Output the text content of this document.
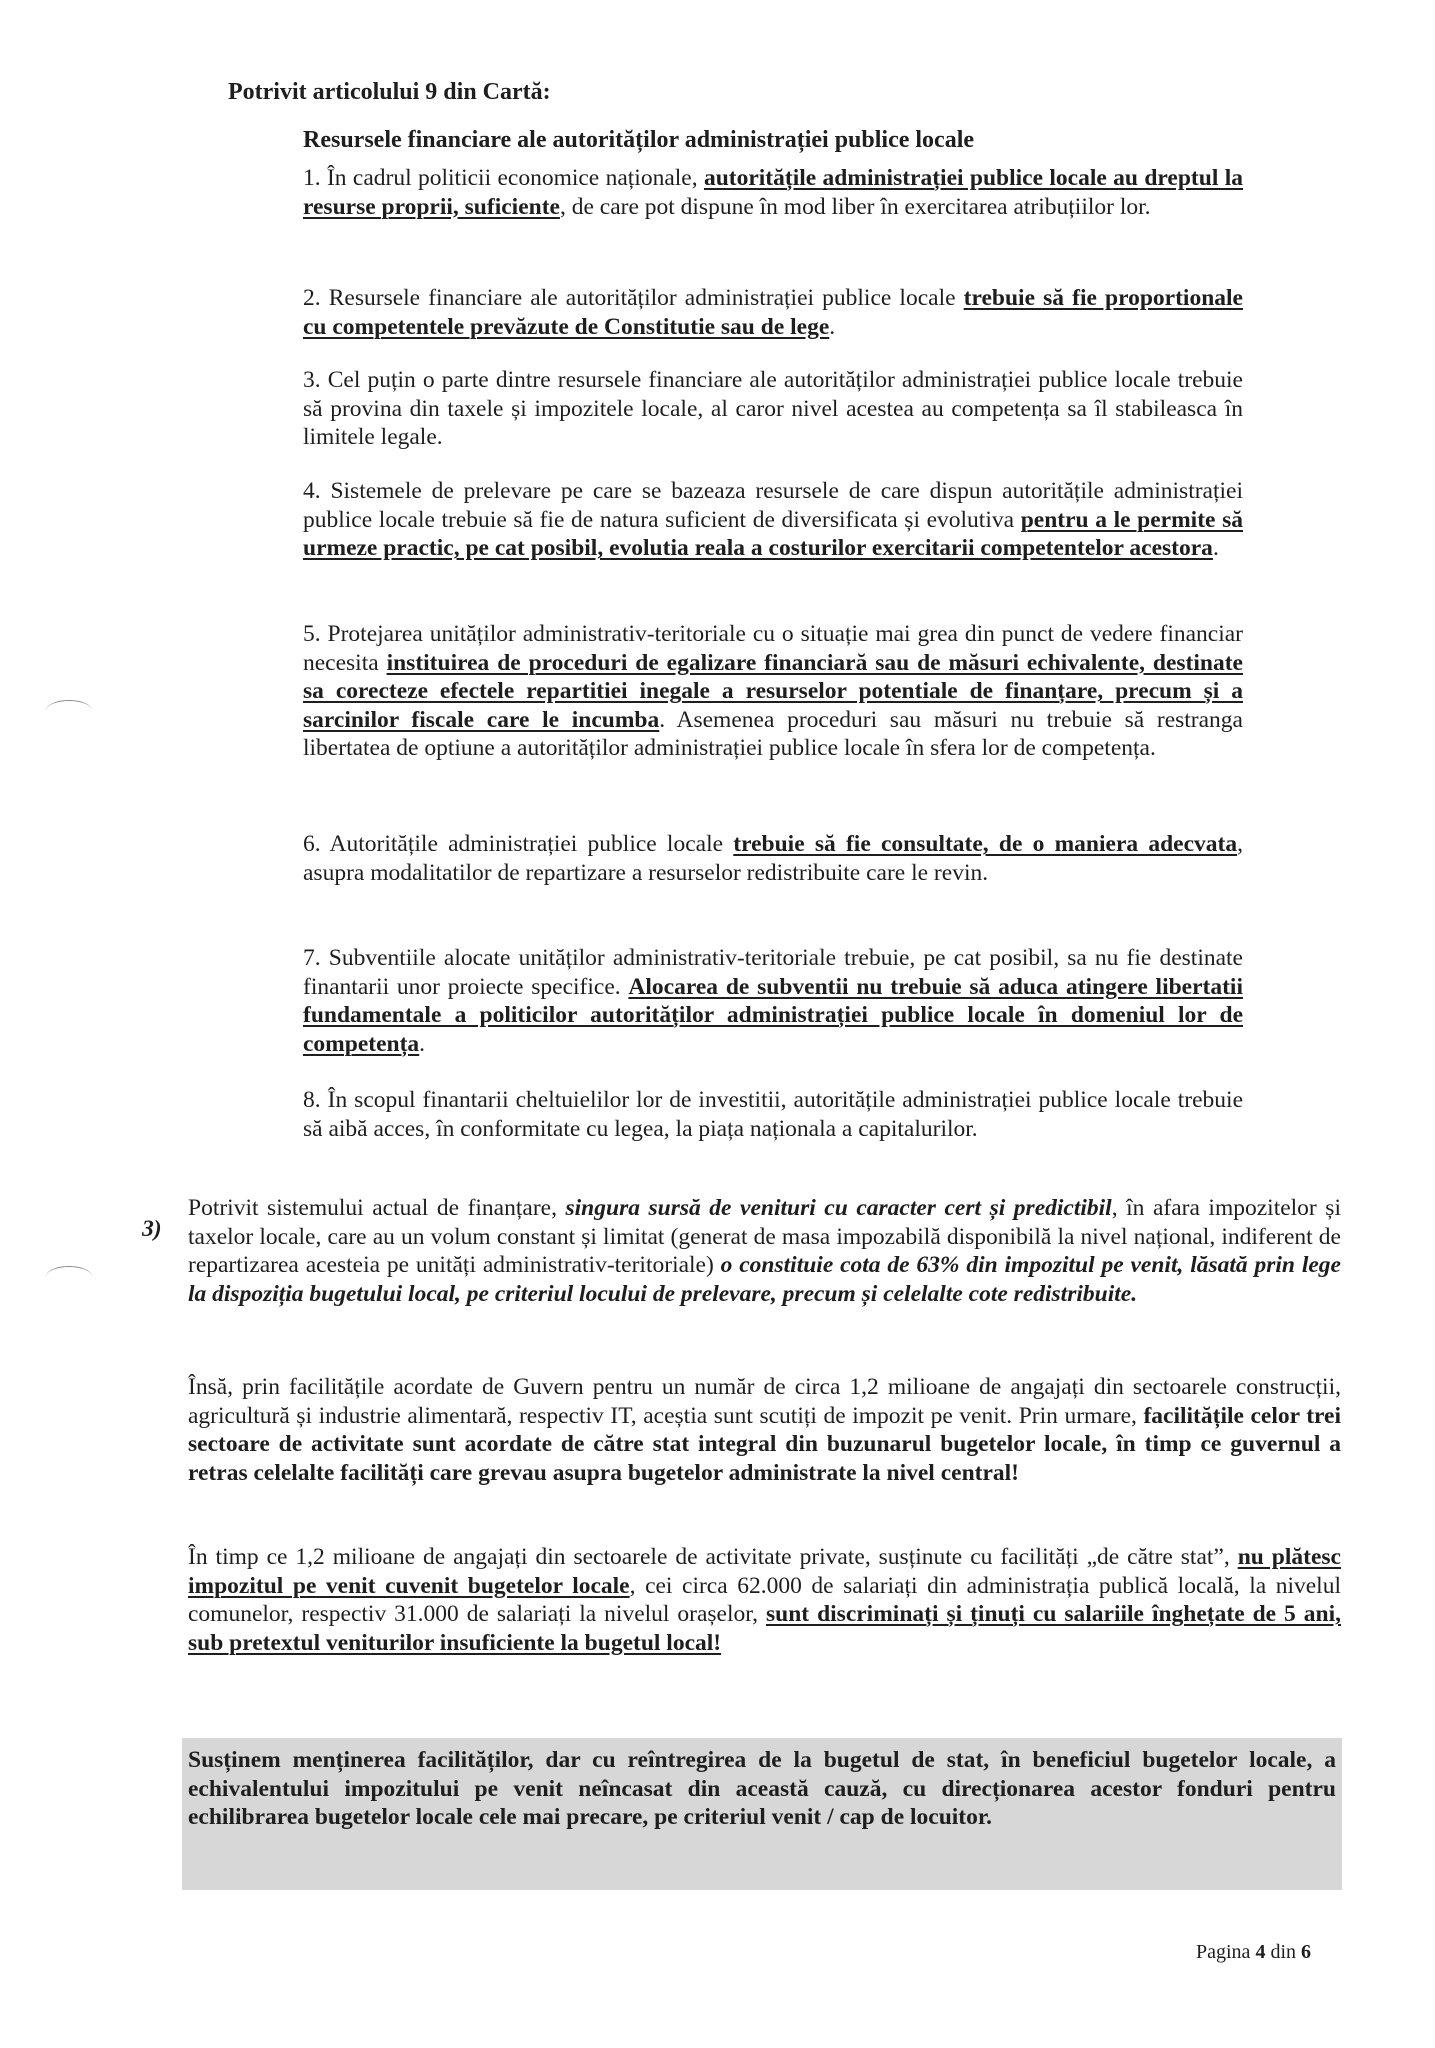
Potrivit articolului 9 din Cartă:
Resursele financiare ale autorităților administrației publice locale
1. În cadrul politicii economice naționale, autoritățile administrației publice locale au dreptul la resurse proprii, suficiente, de care pot dispune în mod liber în exercitarea atribuțiilor lor.
2. Resursele financiare ale autorităților administrației publice locale trebuie să fie proportionale cu competentele prevăzute de Constitutie sau de lege.
3. Cel puțin o parte dintre resursele financiare ale autorităților administrației publice locale trebuie să provina din taxele și impozitele locale, al caror nivel acestea au competența sa îl stabileasca în limitele legale.
4. Sistemele de prelevare pe care se bazeaza resursele de care dispun autoritățile administrației publice locale trebuie să fie de natura suficient de diversificata și evolutiva pentru a le permite să urmeze practic, pe cat posibil, evolutia reala a costurilor exercitarii competentelor acestora.
5. Protejarea unităților administrativ-teritoriale cu o situație mai grea din punct de vedere financiar necesita instituirea de proceduri de egalizare financiară sau de măsuri echivalente, destinate sa corecteze efectele repartitiei inegale a resurselor potentiale de finanțare, precum și a sarcinilor fiscale care le incumba. Asemenea proceduri sau măsuri nu trebuie să restranga libertatea de optiune a autorităților administrației publice locale în sfera lor de competența.
6. Autoritățile administrației publice locale trebuie să fie consultate, de o maniera adecvata, asupra modalitatilor de repartizare a resurselor redistribuite care le revin.
7. Subventiile alocate unităților administrativ-teritoriale trebuie, pe cat posibil, sa nu fie destinate finantarii unor proiecte specifice. Alocarea de subventii nu trebuie să aduca atingere libertatii fundamentale a politicilor autorităților administrației publice locale în domeniul lor de competența.
8. În scopul finantarii cheltuielilor lor de investitii, autoritățile administrației publice locale trebuie să aibă acces, în conformitate cu legea, la piața naționala a capitalurilor.
3)
Potrivit sistemului actual de finanțare, singura sursă de venituri cu caracter cert și predictibil, în afara impozitelor și taxelor locale, care au un volum constant și limitat (generat de masa impozabilă disponibilă la nivel național, indiferent de repartizarea acesteia pe unități administrativ-teritoriale) o constituie cota de 63% din impozitul pe venit, lăsată prin lege la dispoziția bugetului local, pe criteriul locului de prelevare, precum și celelalte cote redistribuite.
Însă, prin facilitățile acordate de Guvern pentru un număr de circa 1,2 milioane de angajați din sectoarele construcții, agricultură și industrie alimentară, respectiv IT, aceștia sunt scutiți de impozit pe venit. Prin urmare, facilitățile celor trei sectoare de activitate sunt acordate de către stat integral din buzunarul bugetelor locale, în timp ce guvernul a retras celelalte facilități care grevau asupra bugetelor administrate la nivel central!
În timp ce 1,2 milioane de angajați din sectoarele de activitate private, susținute cu facilități „de către stat”, nu plătesc impozitul pe venit cuvenit bugetelor locale, cei circa 62.000 de salariați din administrația publică locală, la nivelul comunelor, respectiv 31.000 de salariați la nivelul orașelor, sunt discriminați și ținuți cu salariile înghețate de 5 ani, sub pretextul veniturilor insuficiente la bugetul local!

Susținem menținerea facilităților, dar cu reîntregirea de la bugetul de stat, în beneficiul bugetelor locale, a echivalentului impozitului pe venit neîncasat din această cauză, cu direcționarea acestor fonduri pentru echilibrarea bugetelor locale cele mai precare, pe criteriul venit / cap de locuitor.

Pagina 4 din 6
